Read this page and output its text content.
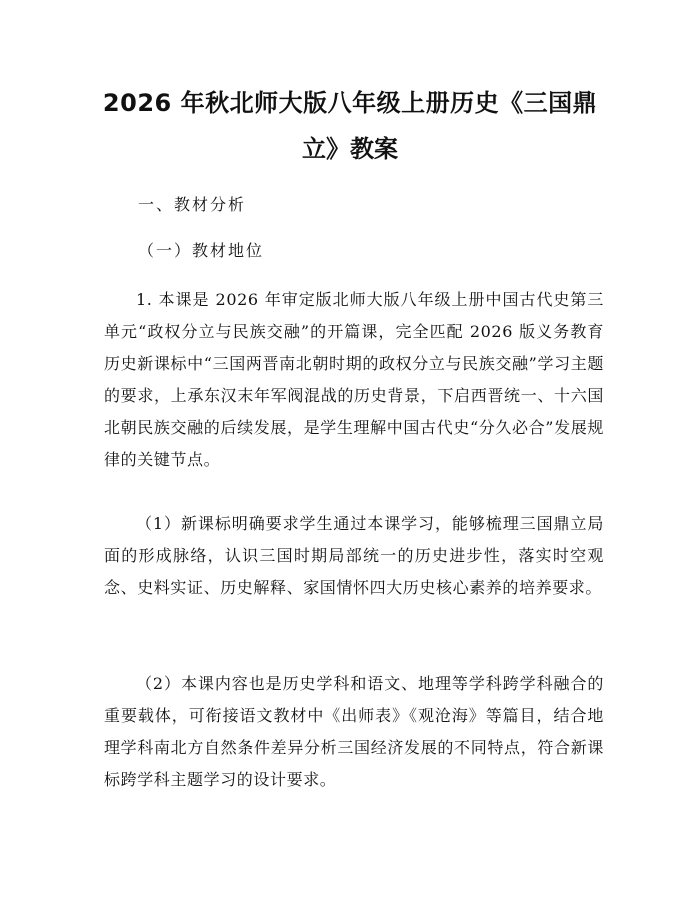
2026 年秋北师大版八年级上册历史《三国鼎
立》教案

一、教材分析

（一）教材地位

1. 本课是 2026 年审定版北师大版八年级上册中国古代史第三单元“政权分立与民族交融”的开篇课，完全匹配 2026 版义务教育历史新课标中“三国两晋南北朝时期的政权分立与民族交融”学习主题的要求，上承东汉末年军阀混战的历史背景，下启西晋统一、十六国北朝民族交融的后续发展，是学生理解中国古代史“分久必合”发展规律的关键节点。

（1）新课标明确要求学生通过本课学习，能够梳理三国鼎立局面的形成脉络，认识三国时期局部统一的历史进步性，落实时空观念、史料实证、历史解释、家国情怀四大历史核心素养的培养要求。

（2）本课内容也是历史学科和语文、地理等学科跨学科融合的重要载体，可衔接语文教材中《出师表》《观沧海》等篇目，结合地理学科南北方自然条件差异分析三国经济发展的不同特点，符合新课标跨学科主题学习的设计要求。
